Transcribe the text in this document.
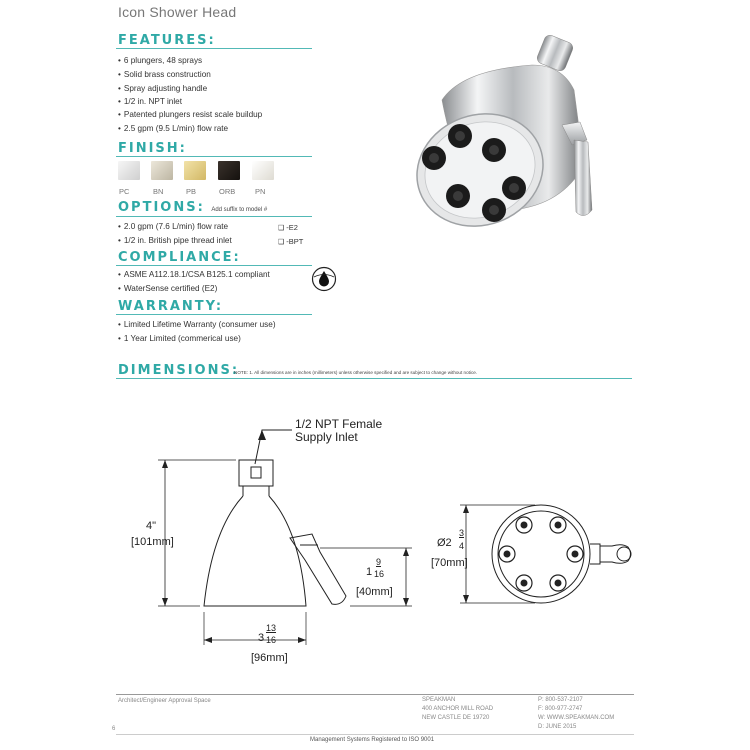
Icon Shower Head
FEATURES:
• 6 plungers, 48 sprays
• Solid brass construction
• Spray adjusting handle
• 1/2 in. NPT inlet
• Patented plungers resist scale buildup
• 2.5 gpm (9.5 L/min) flow rate
FINISH:
PC	BN	PB	ORB	PN
OPTIONS: Add suffix to model #
• 2.0 gpm (7.6 L/min) flow rate	❑ -E2
• 1/2 in. British pipe thread inlet	❑ -BPT
COMPLIANCE:
• ASME A112.18.1/CSA B125.1 compliant
• WaterSense certified (E2)
WARRANTY:
• Limited Lifetime Warranty (consumer use)
• 1 Year Limited (commerical use)
DIMENSIONS:
NOTE: 1. All dimensions are in inches (millimeters) unless otherwise specified and are subject to change without notice.
1/2 NPT Female
Supply Inlet
4"
[101mm]
1
9
16
[40mm]
3
13
16
[96mm]
Ø2
3
4
[70mm]
Architect/Engineer Approval Space	SPEAKMAN
400 ANCHOR MILL ROAD
NEW CASTLE DE 19720
P: 800-537-2107
F: 800-977-2747
W: WWW.SPEAKMAN.COM
D: JUNE 2015
6
Management Systems Registered to ISO 9001
